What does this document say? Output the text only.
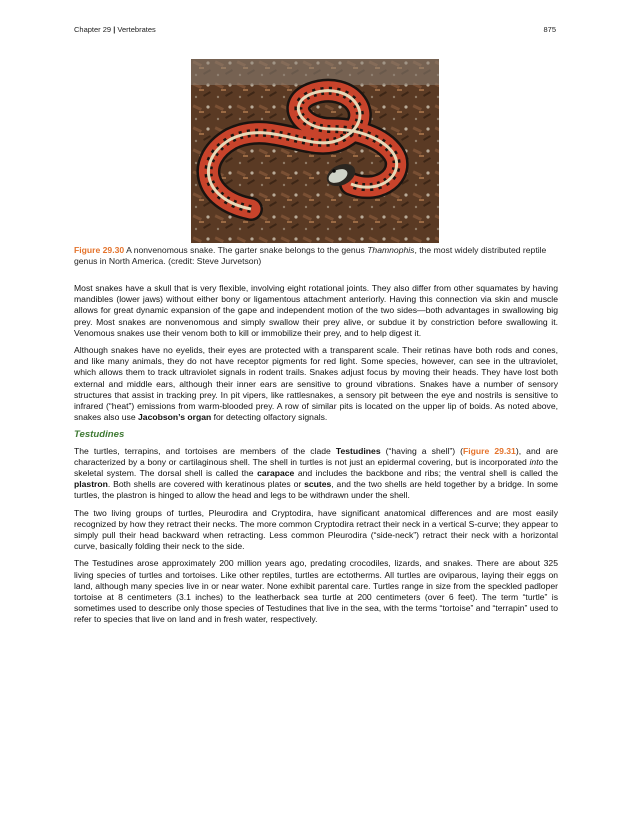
Chapter 29 | Vertebrates	875
Figure 29.30 A nonvenomous snake. The garter snake belongs to the genus Thamnophis, the most widely distributed reptile genus in North America. (credit: Steve Jurvetson)

Most snakes have a skull that is very flexible, involving eight rotational joints. They also differ from other squamates by having mandibles (lower jaws) without either bony or ligamentous attachment anteriorly. Having this connection via skin and muscle allows for great dynamic expansion of the gape and independent motion of the two sides—both advantages in swallowing big prey. Most snakes are nonvenomous and simply swallow their prey alive, or subdue it by constriction before swallowing it. Venomous snakes use their venom both to kill or immobilize their prey, and to help digest it.

Although snakes have no eyelids, their eyes are protected with a transparent scale. Their retinas have both rods and cones, and like many animals, they do not have receptor pigments for red light. Some species, however, can see in the ultraviolet, which allows them to track ultraviolet signals in rodent trails. Snakes adjust focus by moving their heads. They have lost both external and middle ears, although their inner ears are sensitive to ground vibrations. Snakes have a number of sensory structures that assist in tracking prey. In pit vipers, like rattlesnakes, a sensory pit between the eye and nostrils is sensitive to infrared (“heat”) emissions from warm-blooded prey. A row of similar pits is located on the upper lip of boids. As noted above, snakes also use Jacobson’s organ for detecting olfactory signals.

Testudines

The turtles, terrapins, and tortoises are members of the clade Testudines (“having a shell”) (Figure 29.31), and are characterized by a bony or cartilaginous shell. The shell in turtles is not just an epidermal covering, but is incorporated into the skeletal system. The dorsal shell is called the carapace and includes the backbone and ribs; the ventral shell is called the plastron. Both shells are covered with keratinous plates or scutes, and the two shells are held together by a bridge. In some turtles, the plastron is hinged to allow the head and legs to be withdrawn under the shell.

The two living groups of turtles, Pleurodira and Cryptodira, have significant anatomical differences and are most easily recognized by how they retract their necks. The more common Cryptodira retract their neck in a vertical S-curve; they appear to simply pull their head backward when retracting. Less common Pleurodira (“side-neck”) retract their neck with a horizontal curve, basically folding their neck to the side.

The Testudines arose approximately 200 million years ago, predating crocodiles, lizards, and snakes. There are about 325 living species of turtles and tortoises. Like other reptiles, turtles are ectotherms. All turtles are oviparous, laying their eggs on land, although many species live in or near water. None exhibit parental care. Turtles range in size from the speckled padloper tortoise at 8 centimeters (3.1 inches) to the leatherback sea turtle at 200 centimeters (over 6 feet). The term “turtle” is sometimes used to describe only those species of Testudines that live in the sea, with the terms “tortoise” and “terrapin” used to refer to species that live on land and in fresh water, respectively.
